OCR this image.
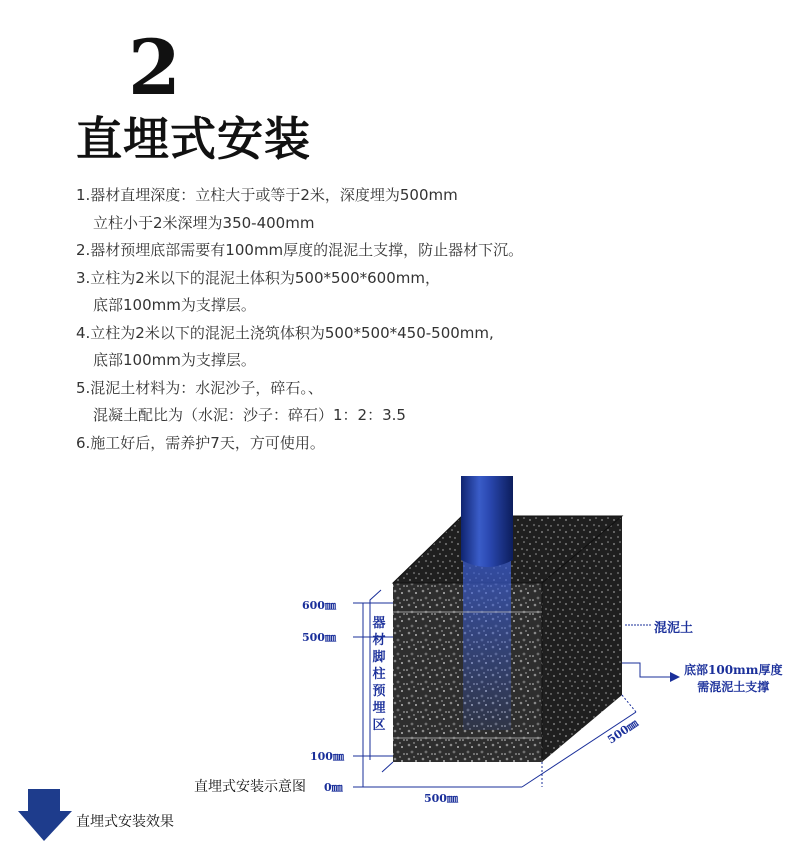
2
直埋式安装
1.器材直埋深度：立柱大于或等于2米，深度埋为500mm
立柱小于2米深埋为350-400mm
2.器材预埋底部需要有100mm厚度的混泥土支撑，防止器材下沉。
3.立柱为2米以下的混泥土体积为500*500*600mm，
底部100mm为支撑层。
4.立柱为2米以下的混泥土浇筑体积为500*500*450-500mm,
底部100mm为支撑层。
5.混泥土材料为：水泥沙子，碎石。、
混凝土配比为（水泥：沙子：碎石）1：2：3.5
6.施工好后，需养护7天，方可使用。
600㎜
500㎜
100㎜
0㎜
器
材
脚
柱
预
埋
区
混泥土
底部100mm厚度
需混泥土支撑
500㎜
500㎜
直埋式安装示意图
直埋式安装效果
